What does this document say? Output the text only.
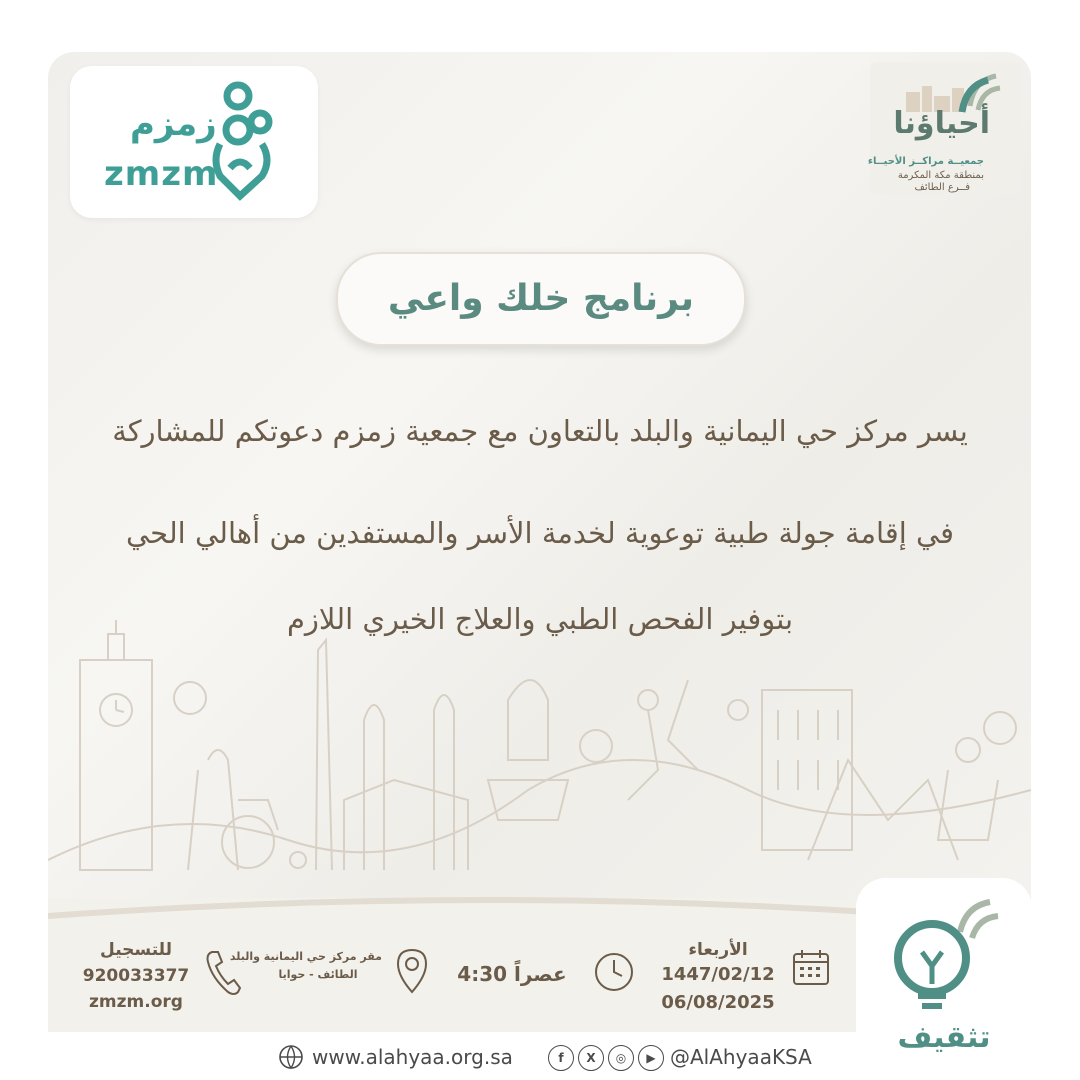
زمزم
zmzm
أحياؤنا
جمعيــة مراكــز الأحيــاء
بمنطقة مكة المكرمة
فــرع الطائف
برنامج خلك واعي
يسر مركز حي اليمانية والبلد بالتعاون مع جمعية زمزم دعوتكم للمشاركة
في إقامة جولة طبية توعوية لخدمة الأسر والمستفدين من أهالي الحي
بتوفير الفحص الطبي والعلاج الخيري اللازم
للتسجيل
920033377
zmzm.org
مقر مركز حي اليمانية والبلد
الطائف - حوايا	عصراً 4:30
الأربعاء
1447/02/12
06/08/2025
تثقيف
www.alahyaa.org.sa	f	X	◎	▶ @AlAhyaaKSA
